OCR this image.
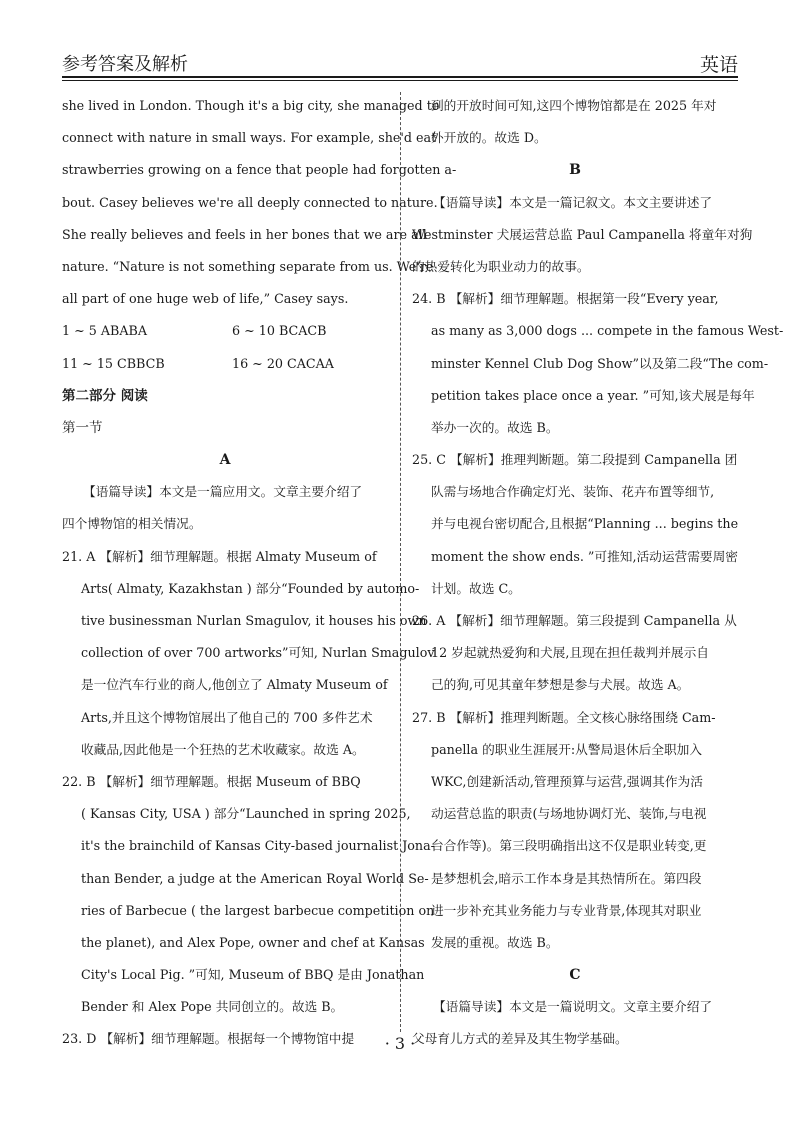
参考答案及解析	英语
she lived in London. Though it's a big city, she managed to
connect with nature in small ways. For example, she'd eat
strawberries growing on a fence that people had forgotten a-
bout. Casey believes we're all deeply connected to nature.
She really believes and feels in her bones that we are all
nature. “Nature is not something separate from us. We're
all part of one huge web of life,” Casey says.
1 ~ 5 ABABA	6 ~ 10 BCACB
11 ~ 15 CBBCB	16 ~ 20 CACAA
第二部分 阅读
第一节
A
【语篇导读】本文是一篇应用文。文章主要介绍了
四个博物馆的相关情况。
21. A 【解析】细节理解题。根据 Almaty Museum of
Arts( Almaty, Kazakhstan ) 部分“Founded by automo-
tive businessman Nurlan Smagulov, it houses his own
collection of over 700 artworks”可知, Nurlan Smagulov
是一位汽车行业的商人,他创立了 Almaty Museum of
Arts,并且这个博物馆展出了他自己的 700 多件艺术
收藏品,因此他是一个狂热的艺术收藏家。故选 A。
22. B 【解析】细节理解题。根据 Museum of BBQ
( Kansas City, USA ) 部分“Launched in spring 2025,
it's the brainchild of Kansas City-based journalist Jona-
than Bender, a judge at the American Royal World Se-
ries of Barbecue ( the largest barbecue competition on
the planet), and Alex Pope, owner and chef at Kansas
City's Local Pig. ”可知, Museum of BBQ 是由 Jonathan
Bender 和 Alex Pope 共同创立的。故选 B。
23. D 【解析】细节理解题。根据每一个博物馆中提
到的开放时间可知,这四个博物馆都是在 2025 年对
外开放的。故选 D。
B
【语篇导读】本文是一篇记叙文。本文主要讲述了
Westminster 犬展运营总监 Paul Campanella 将童年对狗
的热爱转化为职业动力的故事。
24. B 【解析】细节理解题。根据第一段“Every year,
as many as 3,000 dogs ... compete in the famous West-
minster Kennel Club Dog Show”以及第二段“The com-
petition takes place once a year. ”可知,该犬展是每年
举办一次的。故选 B。
25. C 【解析】推理判断题。第二段提到 Campanella 团
队需与场地合作确定灯光、装饰、花卉布置等细节,
并与电视台密切配合,且根据“Planning ... begins the
moment the show ends. ”可推知,活动运营需要周密
计划。故选 C。
26. A 【解析】细节理解题。第三段提到 Campanella 从
12 岁起就热爱狗和犬展,且现在担任裁判并展示自
己的狗,可见其童年梦想是参与犬展。故选 A。
27. B 【解析】推理判断题。全文核心脉络围绕 Cam-
panella 的职业生涯展开:从警局退休后全职加入
WKC,创建新活动,管理预算与运营,强调其作为活
动运营总监的职责(与场地协调灯光、装饰,与电视
台合作等)。第三段明确指出这不仅是职业转变,更
是梦想机会,暗示工作本身是其热情所在。第四段
进一步补充其业务能力与专业背景,体现其对职业
发展的重视。故选 B。
C
【语篇导读】本文是一篇说明文。文章主要介绍了
父母育儿方式的差异及其生物学基础。
· 3 ·
